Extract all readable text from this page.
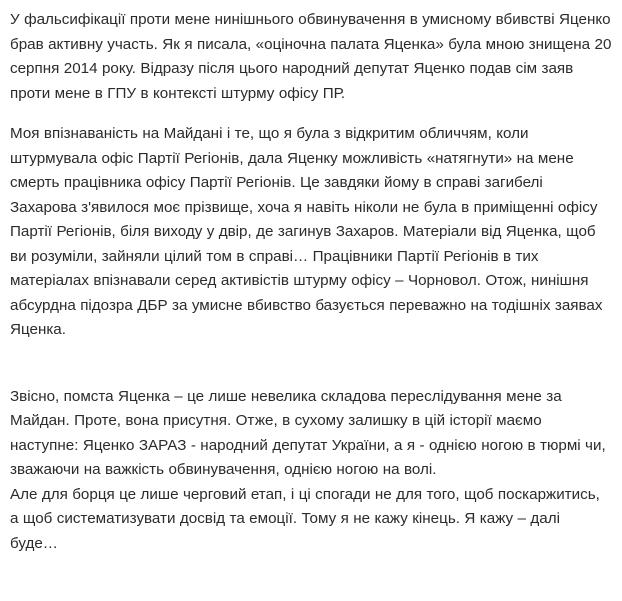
У фальсифікації проти мене нинішнього обвинувачення в умисному вбивстві Яценко брав активну участь. Як я писала, «оціночна палата Яценка» була мною знищена 20 серпня 2014 року. Відразу після цього народний депутат Яценко подав сім заяв проти мене в ГПУ в контексті штурму офісу ПР.

Моя впізнаваність на Майдані і те, що я була з відкритим обличчям, коли штурмувала офіс Партії Регіонів, дала Яценку можливість «натягнути» на мене смерть працівника офісу Партії Регіонів. Це завдяки йому в справі загибелі Захарова з'явилося моє прізвище, хоча я навіть ніколи не була в приміщенні офісу Партії Регіонів, біля виходу у двір, де загинув Захаров. Матеріали від Яценка, щоб ви розуміли, зайняли цілий том в справі… Працівники Партії Регіонів в тих матеріалах впізнавали серед активістів штурму офісу – Чорновол. Отож, нинішня абсурдна підозра ДБР за умисне вбивство базується переважно на тодішніх заявах Яценка.

Звісно, помста Яценка – це лише невелика складова переслідування мене за Майдан. Проте, вона присутня. Отже, в сухому залишку в цій історії маємо наступне: Яценко ЗАРАЗ - народний депутат України, а я - однією ногою в тюрмі чи, зважаючи на важкість обвинувачення, однією ногою на волі.

Але для борця це лише черговий етап, і ці спогади не для того, щоб поскаржитись, а щоб систематизувати досвід та емоції. Тому я не кажу кінець. Я кажу – далі буде…
